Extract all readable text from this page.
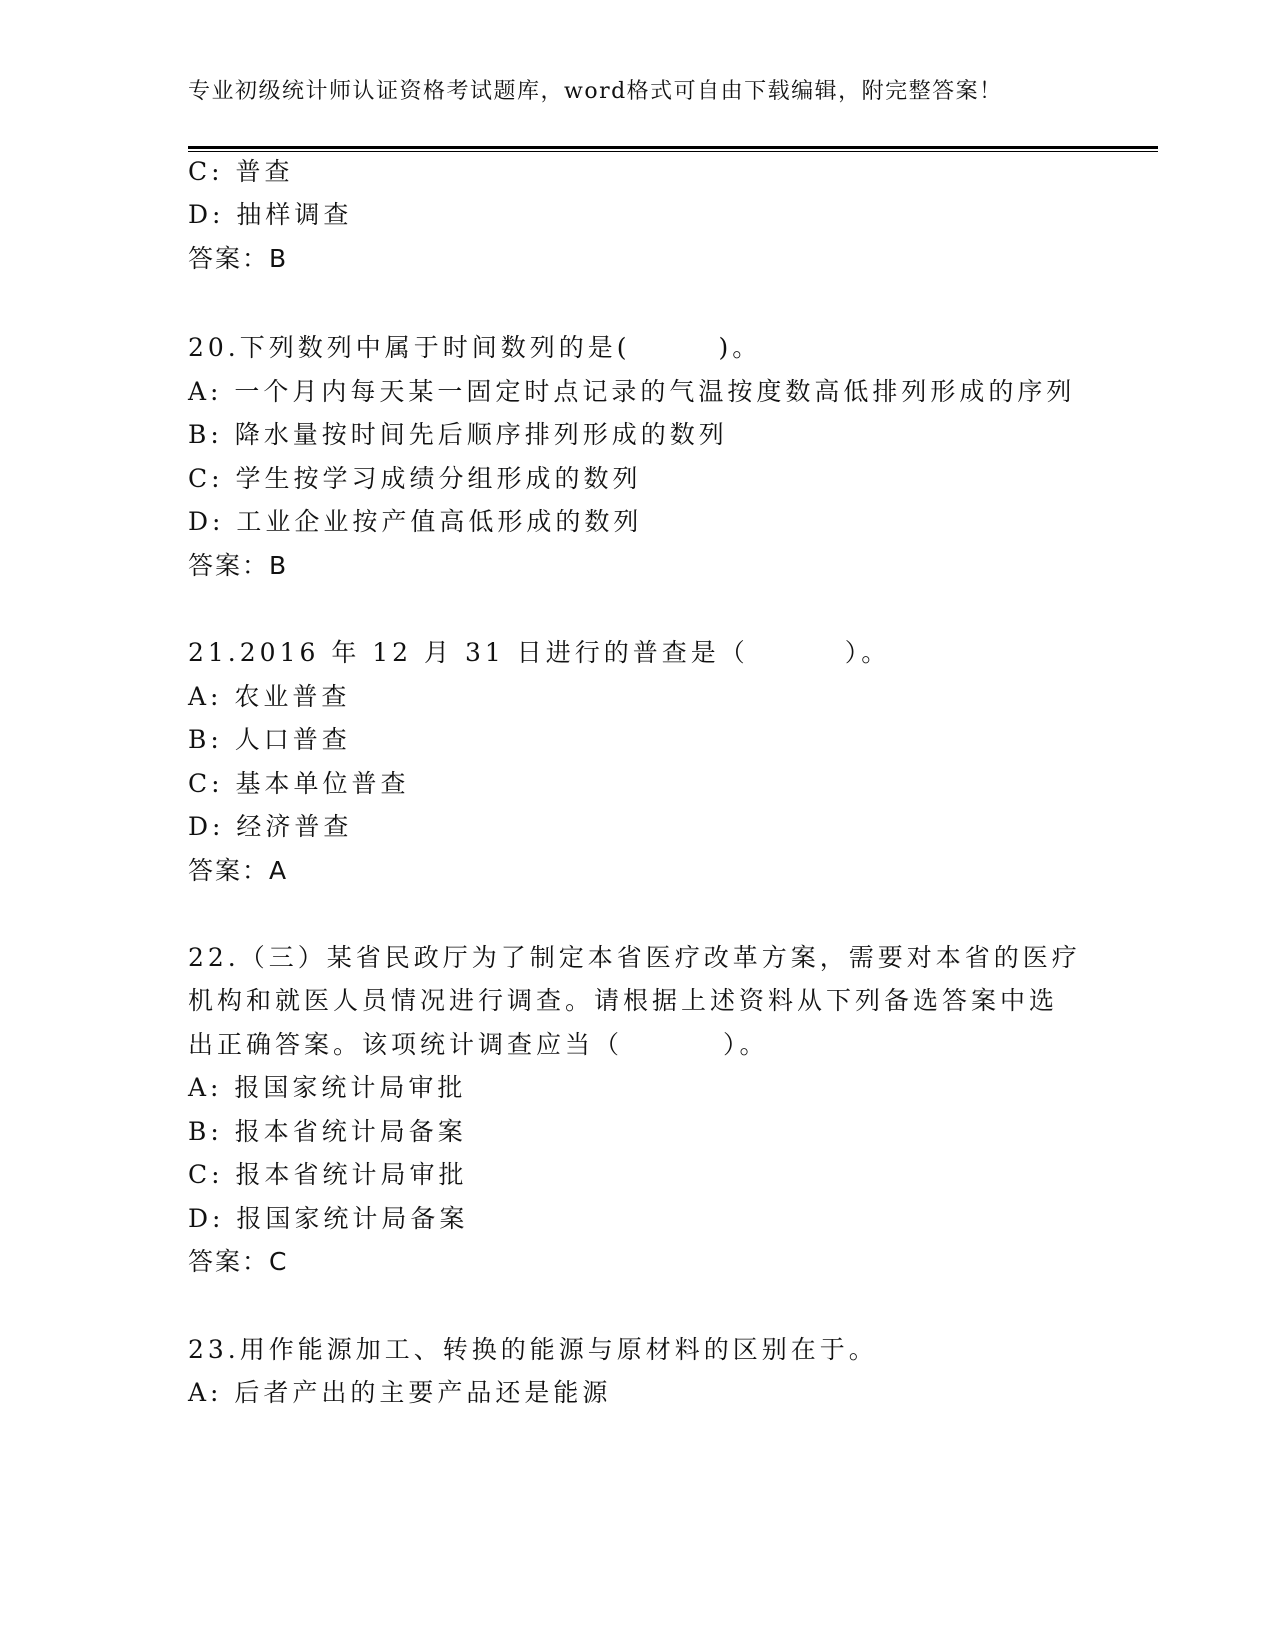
专业初级统计师认证资格考试题库，word格式可自由下载编辑，附完整答案！
C: 普查
D: 抽样调查
答案：B
20.下列数列中属于时间数列的是(	)。
A: 一个月内每天某一固定时点记录的气温按度数高低排列形成的序列
B: 降水量按时间先后顺序排列形成的数列
C: 学生按学习成绩分组形成的数列
D: 工业企业按产值高低形成的数列
答案：B
21.2016 年 12 月 31 日进行的普查是（	）。
A: 农业普查
B: 人口普查
C: 基本单位普查
D: 经济普查
答案：A
22.（三）某省民政厅为了制定本省医疗改革方案，需要对本省的医疗
机构和就医人员情况进行调查。请根据上述资料从下列备选答案中选
出正确答案。该项统计调查应当（	）。
A: 报国家统计局审批
B: 报本省统计局备案
C: 报本省统计局审批
D: 报国家统计局备案
答案：C
23.用作能源加工、转换的能源与原材料的区别在于。
A: 后者产出的主要产品还是能源
